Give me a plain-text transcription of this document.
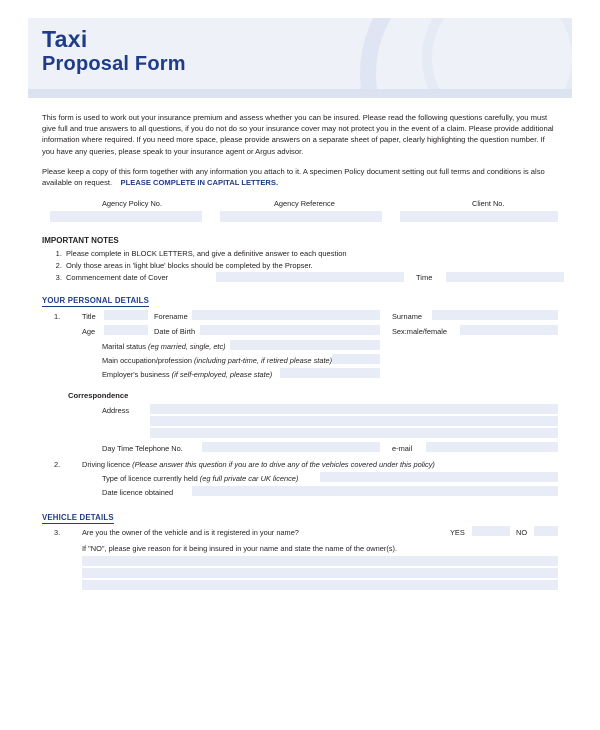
Taxi
Proposal Form

This form is used to work out your insurance premium and assess whether you can be insured. Please read the following questions carefully, you must give full and true answers to all questions, if you do not do so your insurance cover may not protect you in the event of a claim. Please provide additional information where required. If you need more space, please provide answers on a separate sheet of paper, clearly highlighting the question number. If you have any queries, please speak to your insurance agent or Argus advisor.

Please keep a copy of this form together with any information you attach to it. A specimen Policy document setting out full terms and conditions is also available on request. PLEASE COMPLETE IN CAPITAL LETTERS.

Agency Policy No.	Agency Reference	Client No.
IMPORTANT NOTES
1. Please complete in BLOCK LETTERS, and give a definitive answer to each question
2. Only those areas in 'light blue' blocks should be completed by the Propser.
3. Commencement date of Cover	Time
YOUR PERSONAL DETAILS
1.	Title	Forename	Surname
Age	Date of Birth	Sex:male/female
Marital status (eg married, single, etc)
Main occupation/profession (including part-time, if retired please state)
Employer's business (if self-employed, please state)
Correspondence
Address
Day Time Telephone No.	e-mail
2.	Driving licence (Please answer this question if you are to drive any of the vehicles covered under this policy)
Type of licence currently held (eg full private car UK licence)
Date licence obtained
VEHICLE DETAILS
3.	Are you the owner of the vehicle and is it registered in your name?	YES	NO
If "NO", please give reason for it being insured in your name and state the name of the owner(s).
